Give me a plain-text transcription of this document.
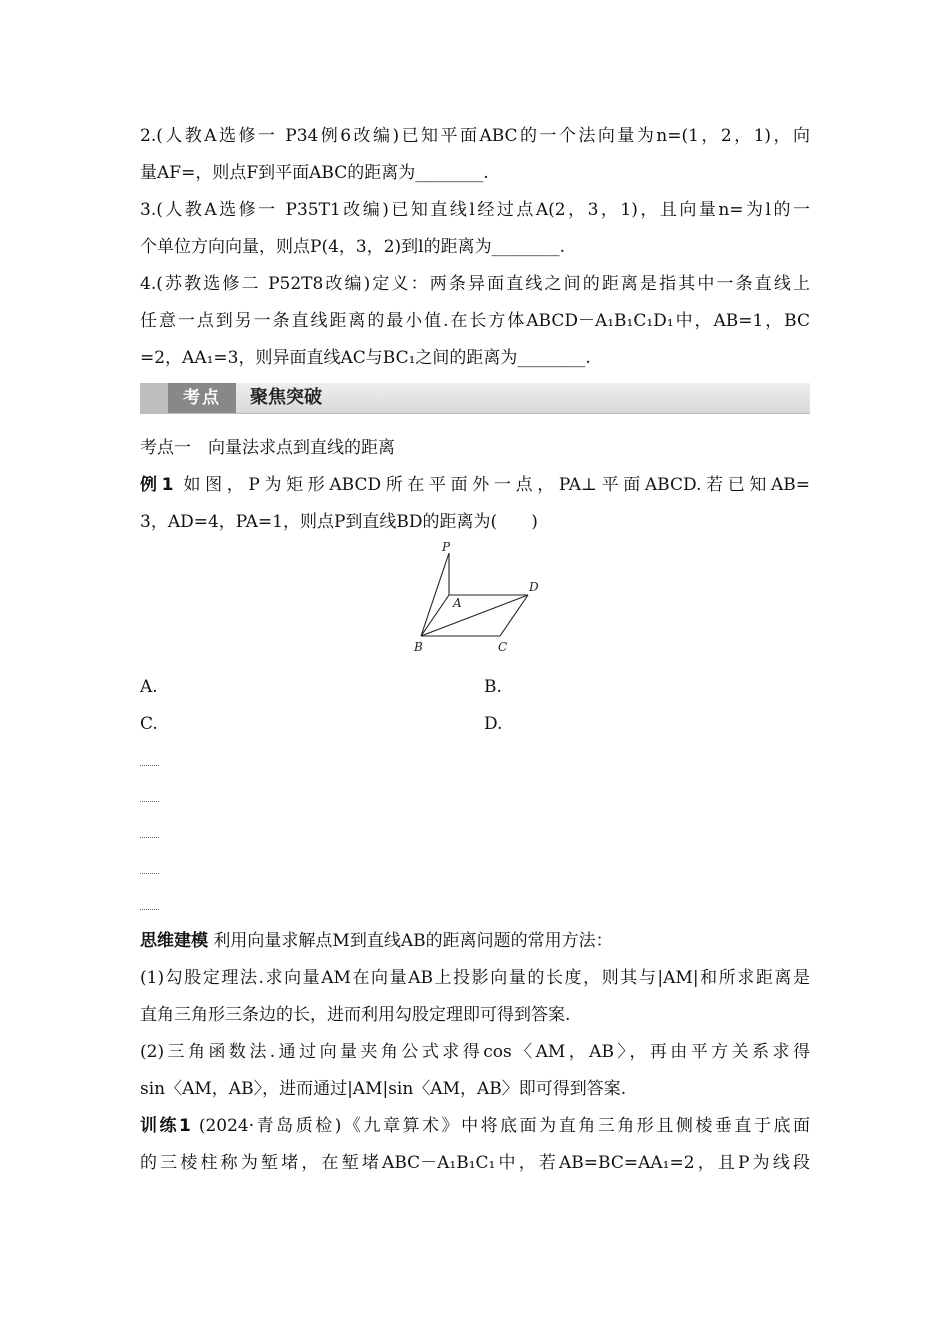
2.(人教A选修一 P34例6改编)已知平面ABC的一个法向量为n=(1，2，1)，向
量AF=，则点F到平面ABC的距离为________.
3.(人教A选修一 P35T1改编)已知直线l经过点A(2，3，1)，且向量n=为l的一
个单位方向向量，则点P(4，3，2)到l的距离为________.
4.(苏教选修二 P52T8改编)定义：两条异面直线之间的距离是指其中一条直线上
任意一点到另一条直线距离的最小值.在长方体ABCD－A₁B₁C₁D₁中，AB=1，BC
=2，AA₁=3，则异面直线AC与BC₁之间的距离为________.
考点	聚焦突破
考点一　向量法求点到直线的距离
例1 如图，P为矩形ABCD所在平面外一点，PA⊥平面ABCD.若已知AB=
3，AD=4，PA=1，则点P到直线BD的距离为(　　)
P
A
B	C
D
A.	B.
C.	D.
思维建模 利用向量求解点M到直线AB的距离问题的常用方法：
(1)勾股定理法.求向量AM在向量AB上投影向量的长度，则其与|AM|和所求距离是
直角三角形三条边的长，进而利用勾股定理即可得到答案.
(2)三角函数法.通过向量夹角公式求得cos〈AM，AB〉，再由平方关系求得
sin〈AM，AB〉，进而通过|AM|sin〈AM，AB〉即可得到答案.
训练1 (2024·青岛质检)《九章算术》中将底面为直角三角形且侧棱垂直于底面
的三棱柱称为堑堵，在堑堵ABC－A₁B₁C₁中，若AB=BC=AA₁=2，且P为线段
